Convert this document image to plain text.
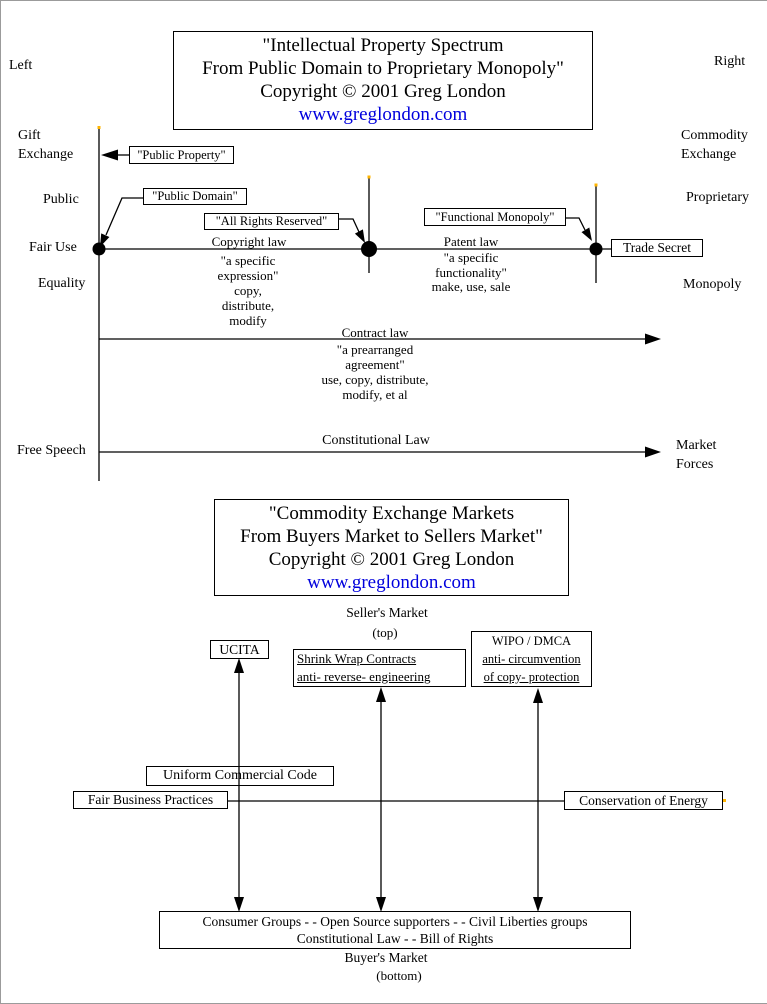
"Intellectual Property Spectrum
From Public Domain to Proprietary Monopoly"
Copyright © 2001 Greg London
www.greglondon.com
Left	Right
Gift
Exchange
Commodity
Exchange
Public	Proprietary
Fair Use
Equality	Monopoly
Free Speech	Market
Forces
"Public Property"
"Public Domain"
"All Rights Reserved"	"Functional Monopoly"
Trade Secret
Copyright law
"a specific
expression"
copy,
distribute,
modify
Patent law
"a specific
functionality"
make, use, sale
Contract law
"a prearranged
agreement"
use, copy, distribute,
modify, et al
Constitutional Law
"Commodity Exchange Markets
From Buyers Market to Sellers Market"
Copyright © 2001 Greg London
www.greglondon.com
Seller's Market
(top)
UCITA
Shrink Wrap Contracts
anti- reverse- engineering
WIPO / DMCA
anti- circumvention
of copy- protection
Uniform Commercial Code
Fair Business Practices	Conservation of Energy
Consumer Groups - - Open Source supporters - - Civil Liberties groups
Constitutional Law - - Bill of Rights
Buyer's Market
(bottom)
